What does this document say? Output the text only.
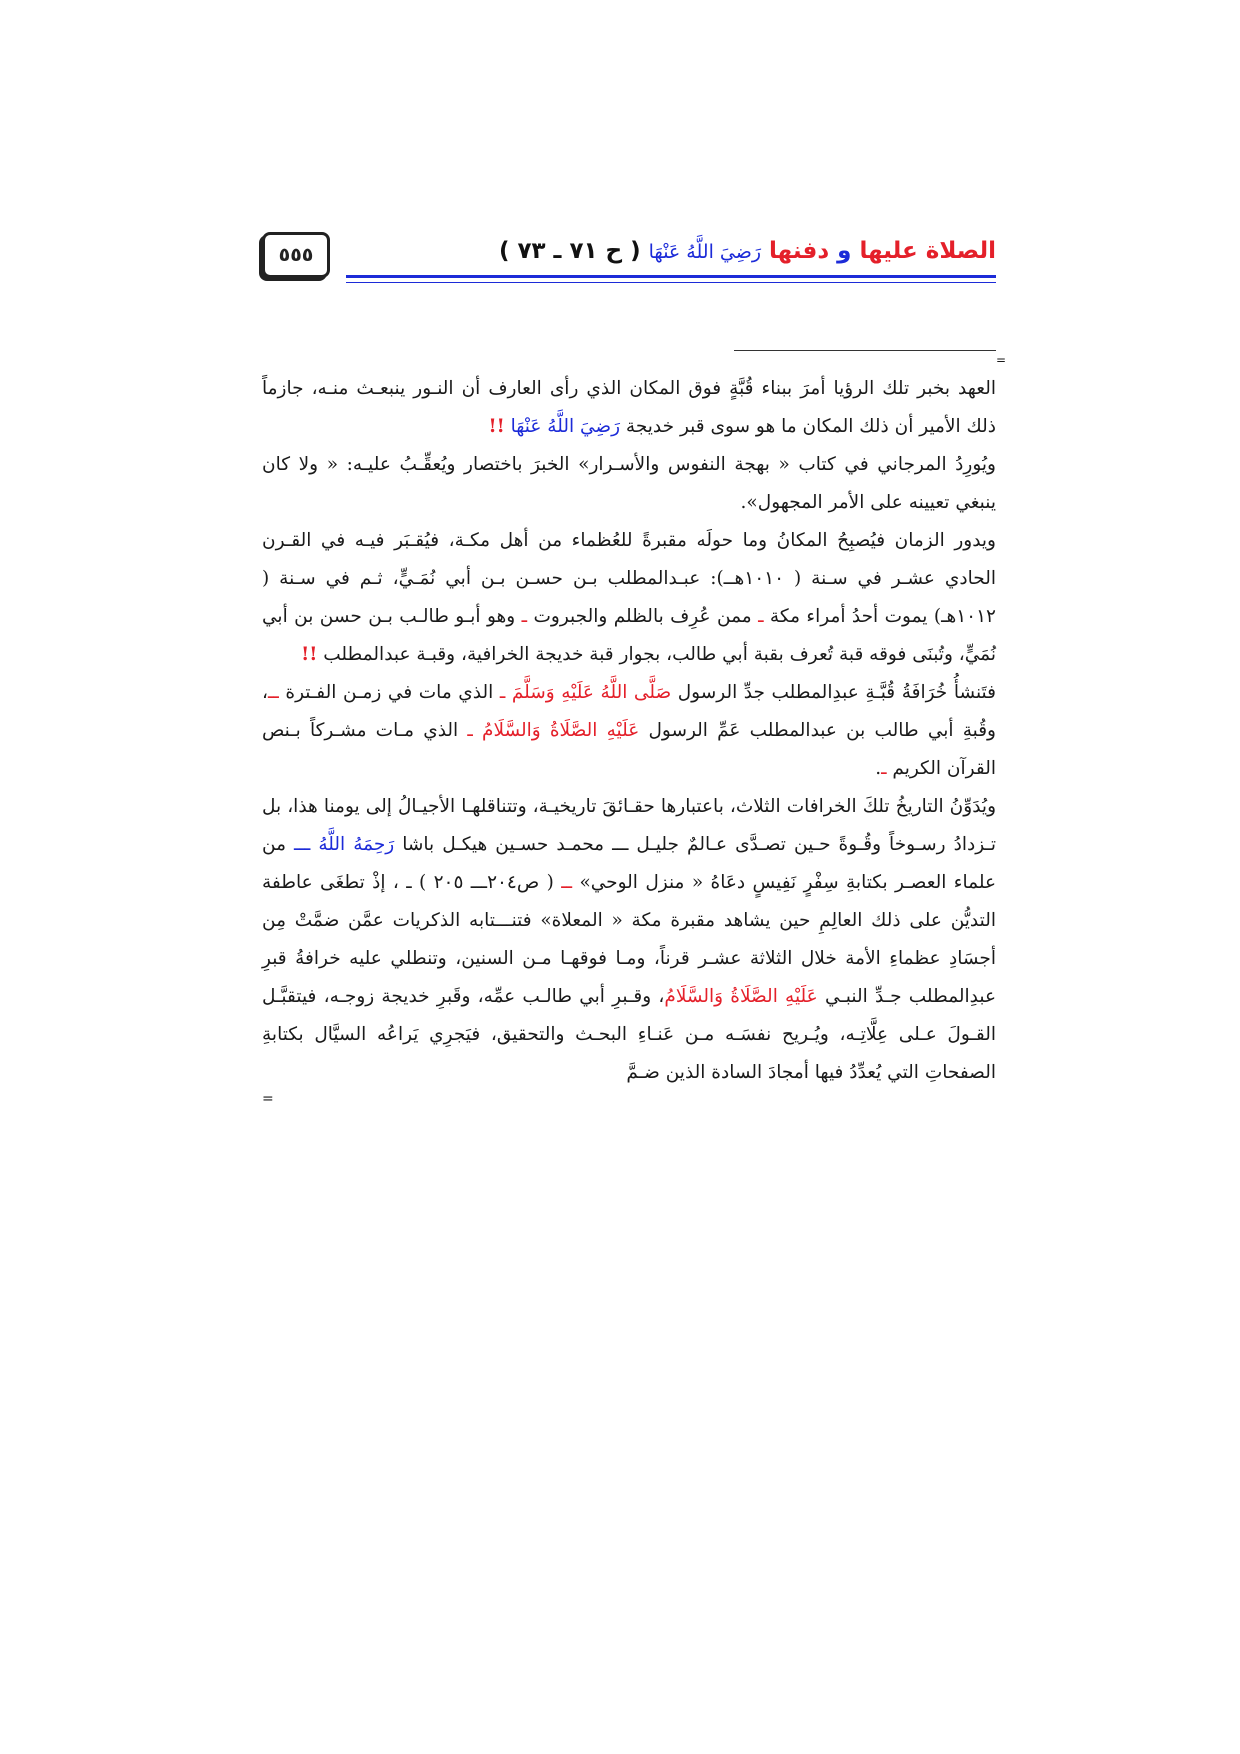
٥٥٥	الصلاة عليها و دفنها رَضِيَ اللَّهُ عَنْهَا ( ح ٧١ ـ ٧٣ )
=

العهد بخبر تلك الرؤيا أمرَ ببناء قُبَّةٍ فوق المكان الذي رأى العارف أن النـور ينبعـث منـه، جازماً ذلك الأمير أن ذلك المكان ما هو سوى قبر خديجة رَضِيَ اللَّهُ عَنْهَا !!

ويُورِدُ المرجاني في كتاب « بهجة النفوس والأسـرار» الخبرَ باختصار ويُعقِّـبُ عليـه: « ولا كان ينبغي تعيينه على الأمر المجهول».

ويدور الزمان فيُصبِحُ المكانُ وما حولَه مقبرةً للعُظماء من أهل مكـة، فيُقـبَر فيـه في القـرن الحادي عشـر في سـنة ( ١٠١٠هــ): عبـدالمطلب بـن حسـن بـن أبي نُمَـيٍّ، ثـم في سـنة ( ١٠١٢هـ) يموت أحدُ أمراء مكة ـ ممن عُرِف بالظلم والجبروت ـ وهو أبـو طالـب بـن حسن بن أبي نُمَيٍّ، وتُبنَى فوقه قبة تُعرف بقبة أبي طالب، بجوار قبة خديجة الخرافية، وقبـة عبدالمطلب !!

فتَنشأُ خُرَافَةُ قُبَّـةِ عبدِالمطلب جدِّ الرسول صَلَّى اللَّهُ عَلَيْهِ وَسَلَّمَ ـ الذي مات في زمـن الفـترة ــ، وقُبةِ أبي طالب بن عبدالمطلب عَمِّ الرسول عَلَيْهِ الصَّلَاةُ وَالسَّلَامُ ـ الذي مـات مشـركاً بـنص القرآن الكريم ـ.

ويُدَوِّنُ التاريخُ تلكَ الخرافات الثلاث، باعتبارها حقـائقَ تاريخيـة، وتتناقلهـا الأجيـالُ إلى يومنا هذا، بل تـزدادُ رسـوخاً وقُـوةً حـين تصـدَّى عـالمٌ جليـل ـــ محمـد حسـين هيكـل باشا رَحِمَهُ اللَّهُ ـــ من علماء العصـر بكتابةِ سِفْرٍ نَفِيسٍ دعَاهُ « منزل الوحي» ــ ( ص٢٠٤ـــ ٢٠٥ ) ـ ، إذْ تطغَى عاطفة التديُّن على ذلك العالِمِ حين يشاهد مقبرة مكة « المعلاة» فتنـــتابه الذكريات عمَّن ضمَّتْ مِن أجسَادِ عظماءِ الأمة خلال الثلاثة عشـر قرناً، ومـا فوقهـا مـن السنين، وتنطلي عليه خرافةُ قبرِ عبدِالمطلب جـدِّ النبـي عَلَيْهِ الصَّلَاةُ وَالسَّلَامُ، وقـبرِ أبي طالـب عمِّه، وقَبرِ خديجة زوجـه، فيتقبَّـل القـولَ عـلى عِلَّاتِـه، ويُـريح نفسَـه مـن عَنـاءِ البحـث والتحقيق، فيَجرِي يَراعُه السيَّال بكتابةِ الصفحاتِ التي يُعدِّدُ فيها أمجادَ السادة الذين ضـمَّ

=
